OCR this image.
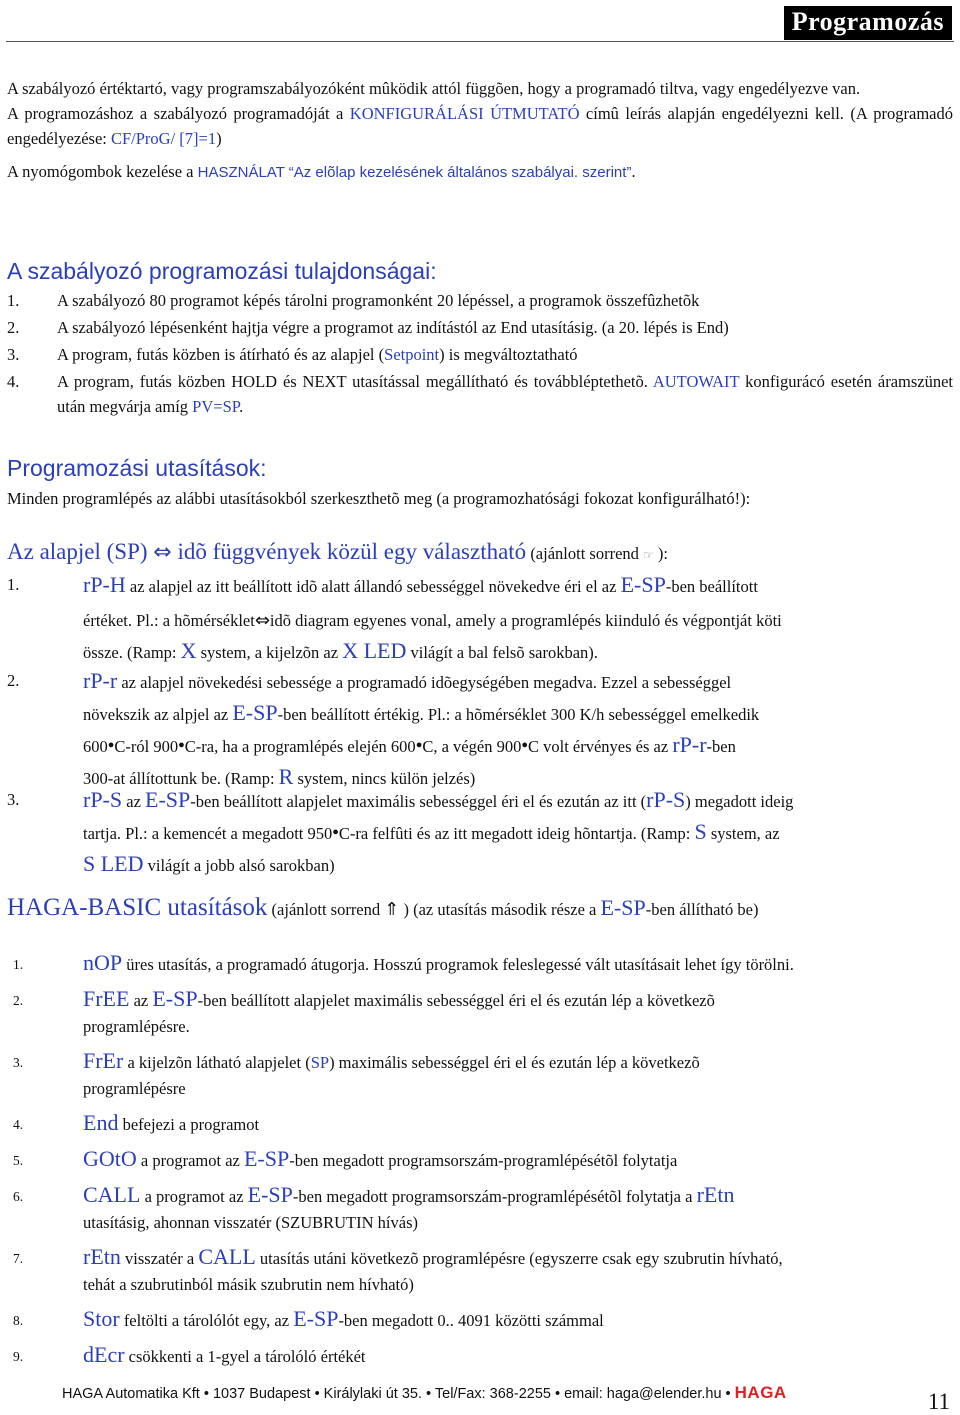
Programozás
A szabályozó értéktartó, vagy programszabályozóként mûködik attól függõen, hogy a programadó tiltva, vagy engedélyezve van.
A programozáshoz a szabályozó programadóját a KONFIGURÁLÁSI ÚTMUTATÓ címû leírás alapján engedélyezni kell. (A programadó engedélyezése: CF/ProG/ [7]=1)
A nyomógombok kezelése a HASZNÁLAT “Az elõlap kezelésének általános szabályai. szerint”.
A szabályozó programozási tulajdonságai:
1. A szabályozó 80 programot képés tárolni programonként 20 lépéssel, a programok összefûzhetõk
2. A szabályozó lépésenként hajtja végre a programot az indítástól az End utasításig. (a 20. lépés is End)
3. A program, futás közben is átírható és az alapjel (Setpoint) is megváltoztatható
4. A program, futás közben HOLD és NEXT utasítással megállítható és továbbléptethetõ. AUTOWAIT konfigurácó esetén áramszünet után megvárja amíg PV=SP.
Programozási utasítások:
Minden programlépés az alábbi utasításokból szerkeszthetõ meg (a programozhatósági fokozat konfigurálható!):
Az alapjel (SP) ⇔ idõ függvények közül egy választható (ajánlott sorrend ☞ ):
1.	rP-H az alapjel az itt beállított idõ alatt állandó sebességgel növekedve éri el az E-SP-ben beállított
értéket. Pl.: a hõmérséklet⇔idõ diagram egyenes vonal, amely a programlépés kiinduló és végpontját köti
össze. (Ramp: X system, a kijelzõn az X LED világít a bal felsõ sarokban).
2.	rP-r az alapjel növekedési sebessége a programadó idõegységében megadva. Ezzel a sebességgel
növekszik az alpjel az E-SP-ben beállított értékig. Pl.: a hõmérséklet 300 K/h sebességgel emelkedik
600●C-ról 900●C-ra, ha a programlépés elején 600●C, a végén 900●C volt érvényes és az rP-r-ben
300-at állítottunk be. (Ramp: R system, nincs külön jelzés)
3.	rP-S az E-SP-ben beállított alapjelet maximális sebességgel éri el és ezután az itt (rP-S) megadott ideig
tartja. Pl.: a kemencét a megadott 950●C-ra felfûti és az itt megadott ideig hõntartja. (Ramp: S system, az
S LED világít a jobb alsó sarokban)
HAGA-BASIC utasítások (ajánlott sorrend ⇑ ) (az utasítás második része a E-SP-ben állítható be)
1.	nOP üres utasítás, a programadó átugorja. Hosszú programok feleslegessé vált utasításait lehet így törölni.
2.	FrEE az E-SP-ben beállított alapjelet maximális sebességgel éri el és ezután lép a következõ
programlépésre.
3.	FrEr a kijelzõn látható alapjelet (SP) maximális sebességgel éri el és ezután lép a következõ
programlépésre
4.	End befejezi a programot
5.	GOtO a programot az E-SP-ben megadott programsorszám-programlépésétõl folytatja
6.	CALL a programot az E-SP-ben megadott programsorszám-programlépésétõl folytatja a rEtn
utasításig, ahonnan visszatér (SZUBRUTIN hívás)
7.	rEtn visszatér a CALL utasítás utáni következõ programlépésre (egyszerre csak egy szubrutin hívható,
tehát a szubrutinból másik szubrutin nem hívható)
8.	Stor feltölti a tárolólót egy, az E-SP-ben megadott 0.. 4091 közötti számmal
9.	dEcr csökkenti a 1-gyel a tárolóló értékét
HAGA Automatika Kft • 1037 Budapest • Királylaki út 35. • Tel/Fax: 368-2255 • email: haga@elender.hu • HAGA	11
